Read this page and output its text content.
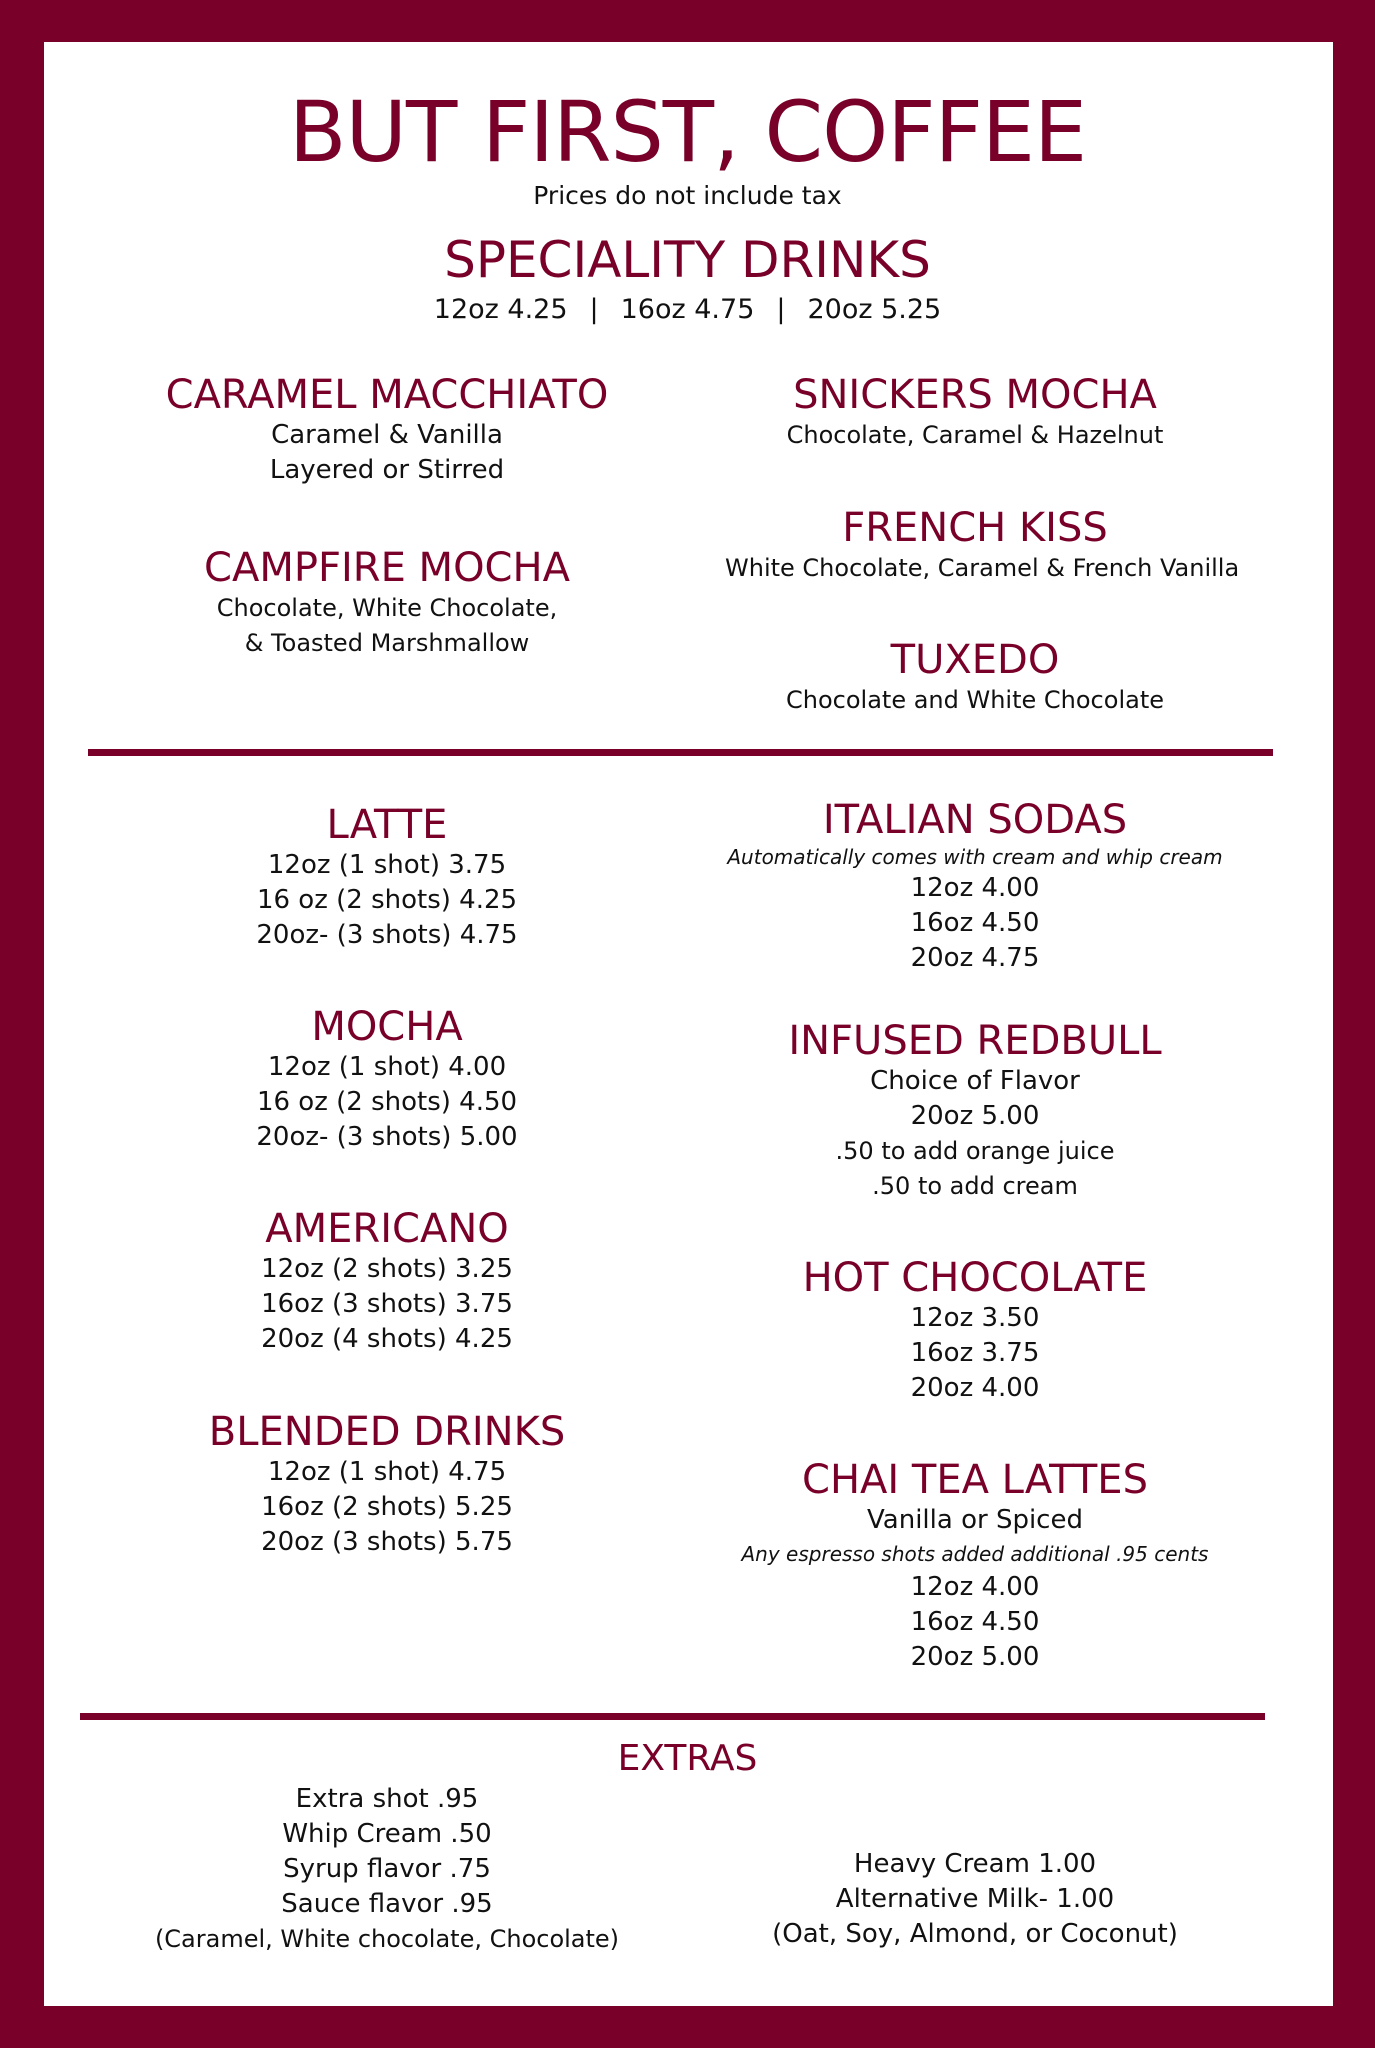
BUT FIRST, COFFEE
Prices do not include tax
SPECIALITY DRINKS
12oz 4.25 | 16oz 4.75 | 20oz 5.25
CARAMEL MACCHIATO
Caramel & Vanilla
Layered or Stirred
CAMPFIRE MOCHA
Chocolate, White Chocolate,
& Toasted Marshmallow
SNICKERS MOCHA
Chocolate, Caramel & Hazelnut
FRENCH KISS
White Chocolate, Caramel & French Vanilla
TUXEDO
Chocolate and White Chocolate
LATTE
12oz (1 shot) 3.75
16 oz (2 shots) 4.25
20oz- (3 shots) 4.75
MOCHA
12oz (1 shot) 4.00
16 oz (2 shots) 4.50
20oz- (3 shots) 5.00
AMERICANO
12oz (2 shots) 3.25
16oz (3 shots) 3.75
20oz (4 shots) 4.25
BLENDED DRINKS
12oz (1 shot) 4.75
16oz (2 shots) 5.25
20oz (3 shots) 5.75
ITALIAN SODAS
Automatically comes with cream and whip cream
12oz 4.00
16oz 4.50
20oz 4.75
INFUSED REDBULL
Choice of Flavor
20oz 5.00
.50 to add orange juice
.50 to add cream
HOT CHOCOLATE
12oz 3.50
16oz 3.75
20oz 4.00
CHAI TEA LATTES
Vanilla or Spiced
Any espresso shots added additional .95 cents
12oz 4.00
16oz 4.50
20oz 5.00
EXTRAS
Extra shot .95
Whip Cream .50
Syrup flavor .75
Sauce flavor .95
(Caramel, White chocolate, Chocolate)
Heavy Cream 1.00
Alternative Milk- 1.00
(Oat, Soy, Almond, or Coconut)
